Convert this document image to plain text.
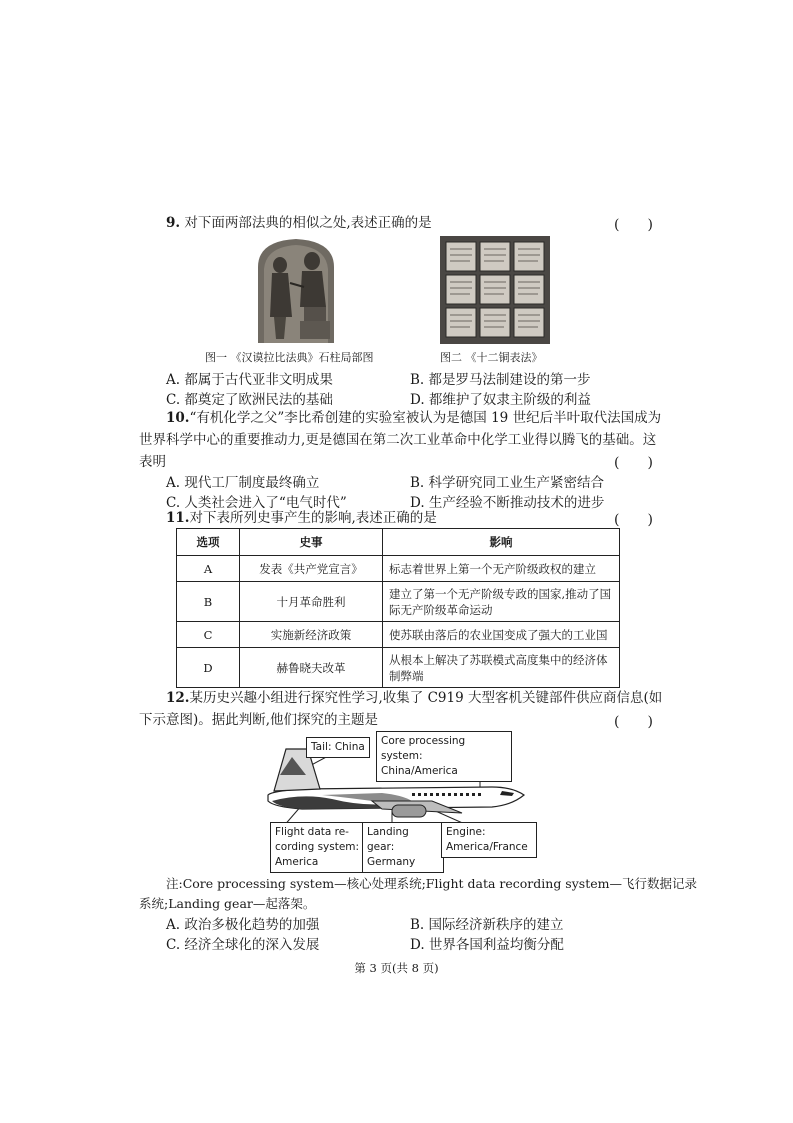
9. 对下面两部法典的相似之处,表述正确的是	(　　)
图一 《汉谟拉比法典》石柱局部图	图二 《十二铜表法》
A. 都属于古代亚非文明成果	B. 都是罗马法制建设的第一步
C. 都奠定了欧洲民法的基础	D. 都维护了奴隶主阶级的利益
10.“有机化学之父”李比希创建的实验室被认为是德国 19 世纪后半叶取代法国成为
世界科学中心的重要推动力,更是德国在第二次工业革命中化学工业得以腾飞的基础。这
表明	(　　)
A. 现代工厂制度最终确立	B. 科学研究同工业生产紧密结合
C. 人类社会进入了“电气时代”	D. 生产经验不断推动技术的进步
11.对下表所列史事产生的影响,表述正确的是	(　　)
选项	史事	影响
A	发表《共产党宣言》	标志着世界上第一个无产阶级政权的建立
B	十月革命胜利	建立了第一个无产阶级专政的国家,推动了国际无产阶级革命运动
C	实施新经济政策	使苏联由落后的农业国变成了强大的工业国
D	赫鲁晓夫改革	从根本上解决了苏联模式高度集中的经济体制弊端
12.某历史兴趣小组进行探究性学习,收集了 C919 大型客机关键部件供应商信息(如
下示意图)。据此判断,他们探究的主题是	(　　)
Tail: China	Core processing system:
China/America
Flight data re-
cording system:
America
Landing gear:
Germany
Engine:
America/France
注:Core processing system—核心处理系统;Flight data recording system—飞行数据记录
系统;Landing gear—起落架。
A. 政治多极化趋势的加强	B. 国际经济新秩序的建立
C. 经济全球化的深入发展	D. 世界各国利益均衡分配
第 3 页(共 8 页)
